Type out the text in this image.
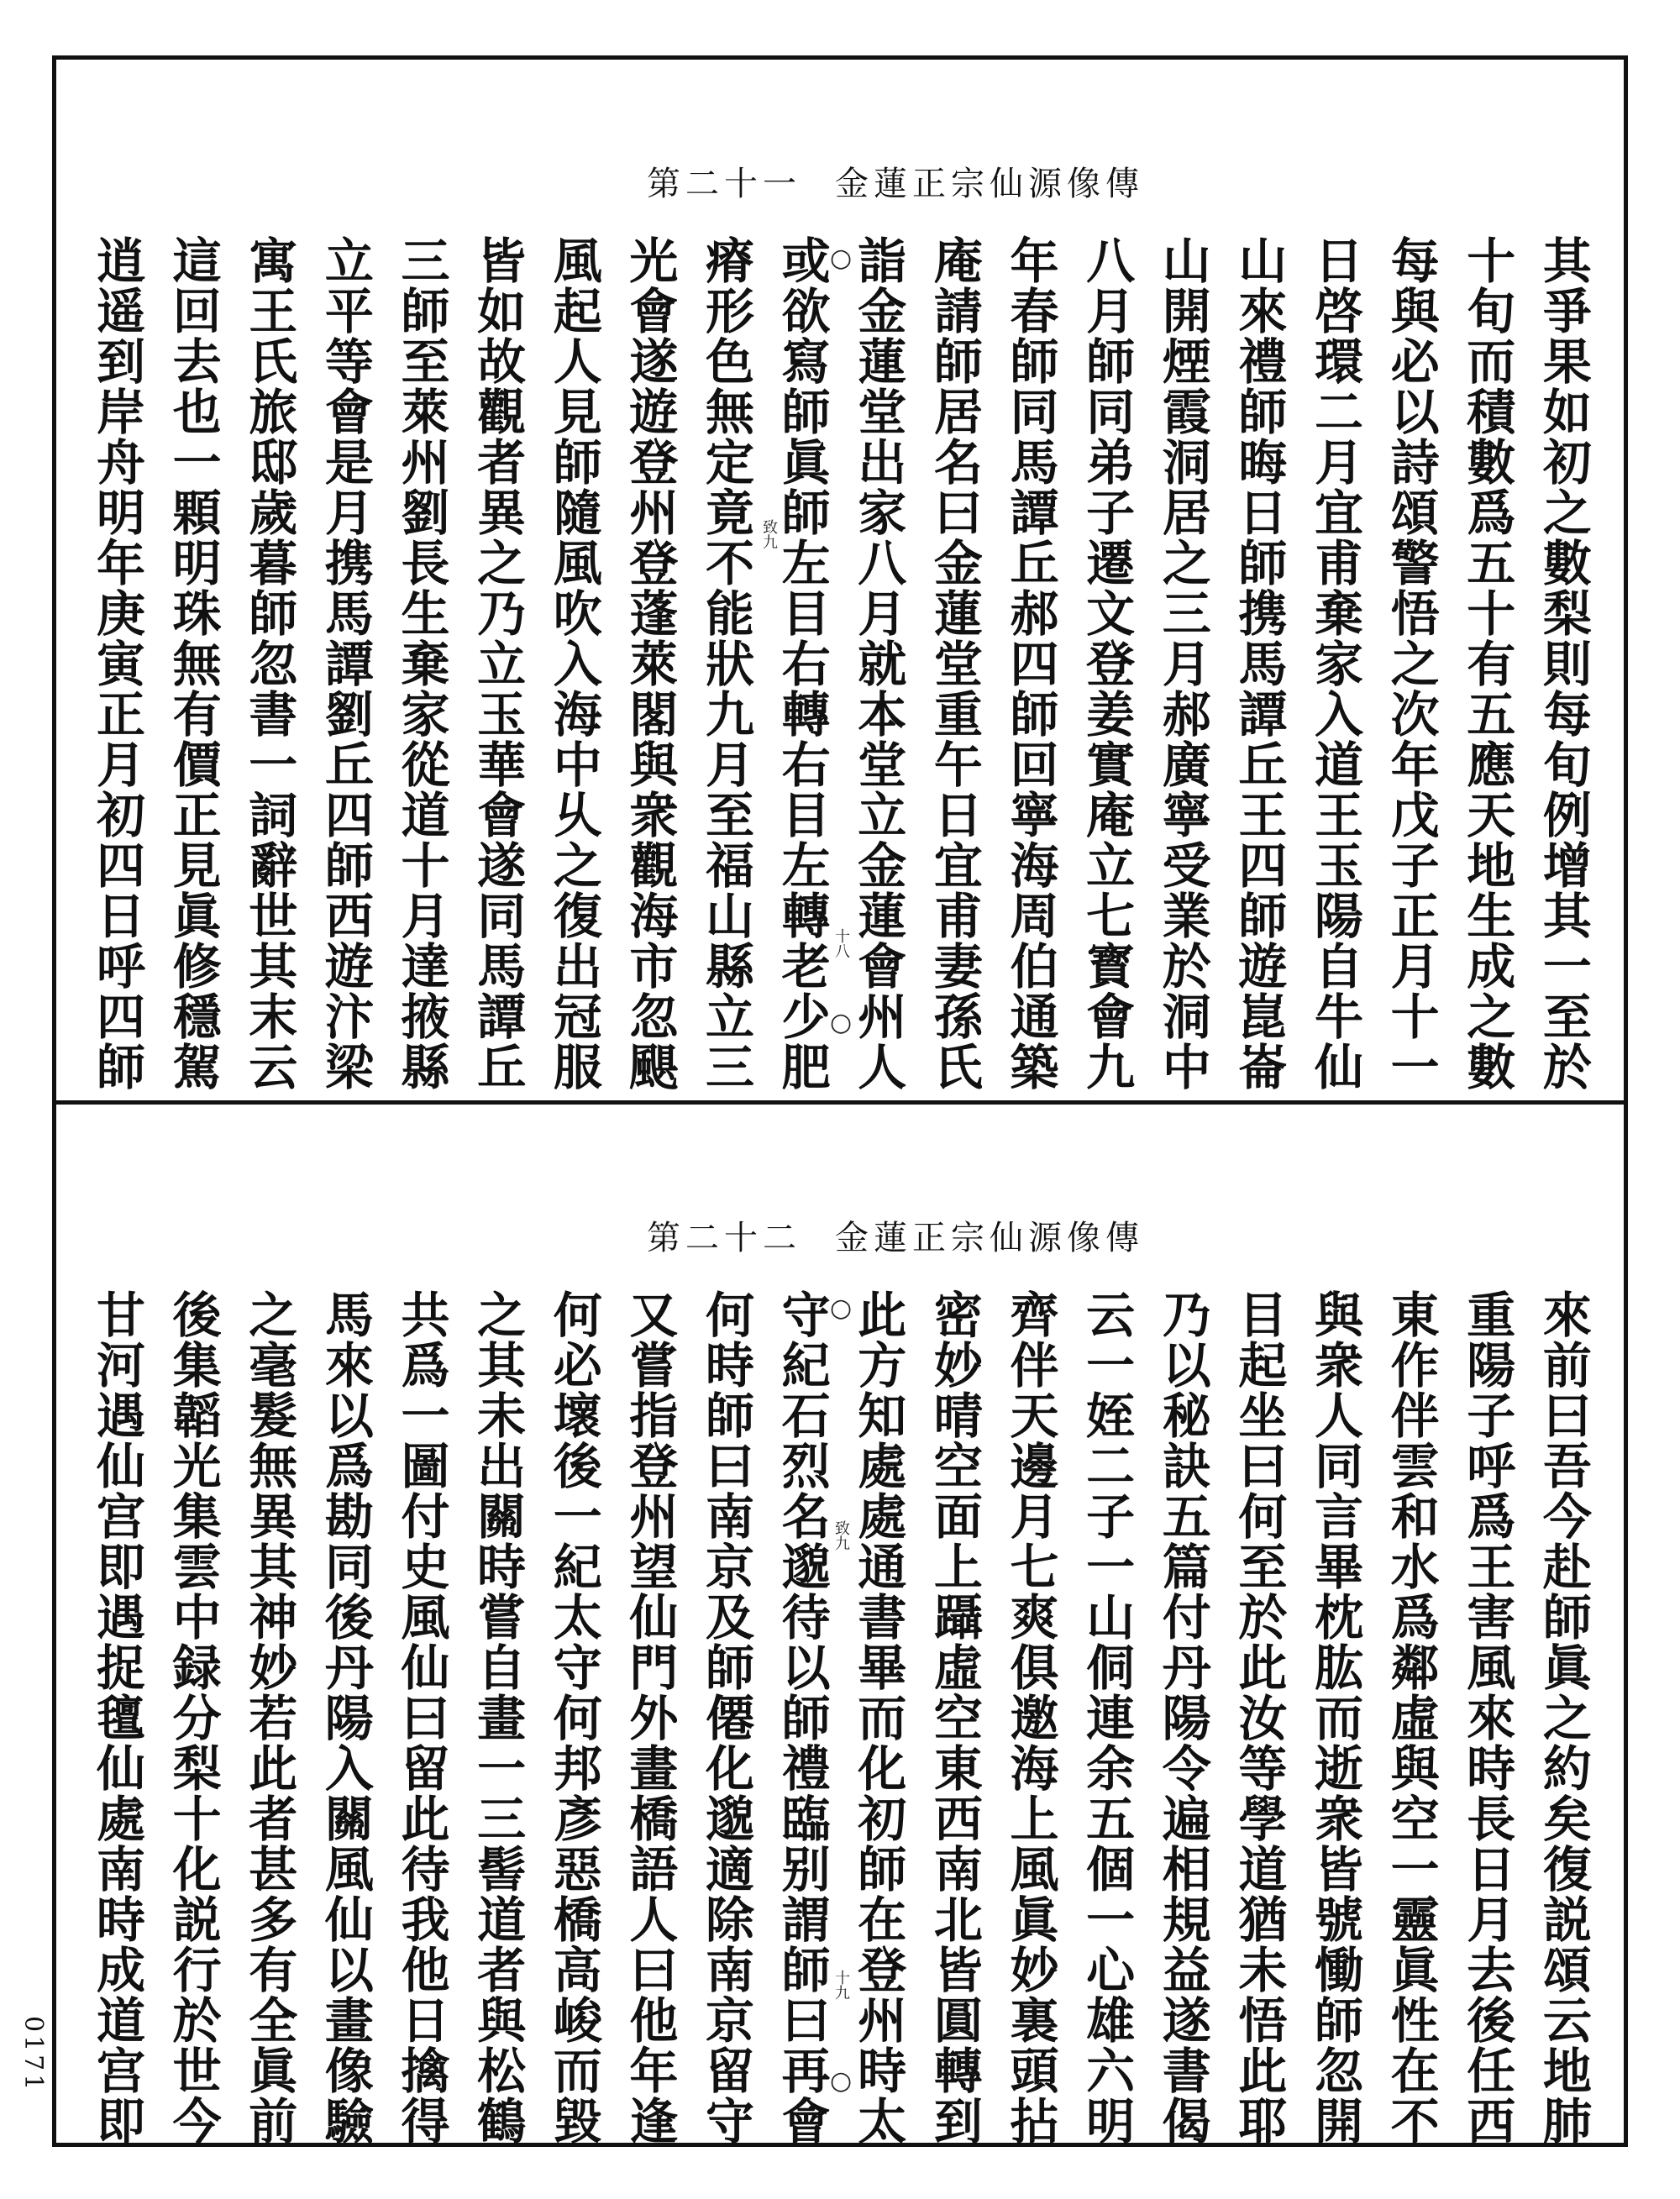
第二十一 金蓮正宗仙源像傳
其爭果如初之數梨則每旬例增其一至於
十旬而積數爲五十有五應天地生成之數
每與必以詩頌警悟之次年戊子正月十一
日啓環二月宜甫棄家入道王玉陽自牛仙
山來禮師晦日師携馬譚丘王四師遊崑崙
山開煙霞洞居之三月郝廣寧受業於洞中
八月師同弟子遷文登姜實庵立七寳會九
年春師同馬譚丘郝四師回寧海周伯通築
庵請師居名曰金蓮堂重午日宜甫妻孫氏
詣金蓮堂出家八月就本堂立金蓮會州人
或欲寫師眞師左目右轉右目左轉老少肥
瘠形色無定竟不能狀九月至福山縣立三
光會遂遊登州登蓬萊閣與衆觀海市忽颶
風起人見師隨風吹入海中乆之復出冠服
皆如故觀者異之乃立玉華會遂同馬譚丘
三師至萊州劉長生棄家從道十月達掖縣
立平等會是月携馬譚劉丘四師西遊汴梁
寓王氏旅邸歲暮師忽書一詞辭世其末云
這回去也一顆明珠無有價正見眞修穩駕
逍遥到岸舟明年庚寅正月初四日呼四師	○
○
致九
十八
第二十二 金蓮正宗仙源像傳
來前曰吾今赴師眞之約矣復説頌云地肺
重陽子呼爲王害風來時長日月去後任西
東作伴雲和水爲鄰虛與空一靈眞性在不
與衆人同言畢枕肱而逝衆皆號慟師忽開
目起坐曰何至於此汝等學道猶未悟此耶
乃以秘訣五篇付丹陽令遍相規益遂書偈
云一姪二子一山侗連余五個一心雄六明
齊伴天邊月七爽俱邀海上風眞妙裏頭拈
密妙晴空面上躡虛空東西南北皆圓轉到
此方知處處通書畢而化初師在登州時太
守紀石烈名邈待以師禮臨别謂師曰再會
何時師曰南京及師僊化邈適除南京留守
又嘗指登州望仙門外畫橋語人曰他年逢
何必壞後一紀太守何邦彥惡橋高峻而毀
之其未出關時嘗自畫一三髻道者與松鶴
共爲一圖付史風仙曰留此待我他日擒得
馬來以爲勘同後丹陽入關風仙以畫像驗
之毫髮無異其神妙若此者甚多有全眞前
後集韜光集雲中録分梨十化説行於世今
甘河遇仙宫即遇捉氊仙處南時成道宫即	○
○
致九
十九
0171
